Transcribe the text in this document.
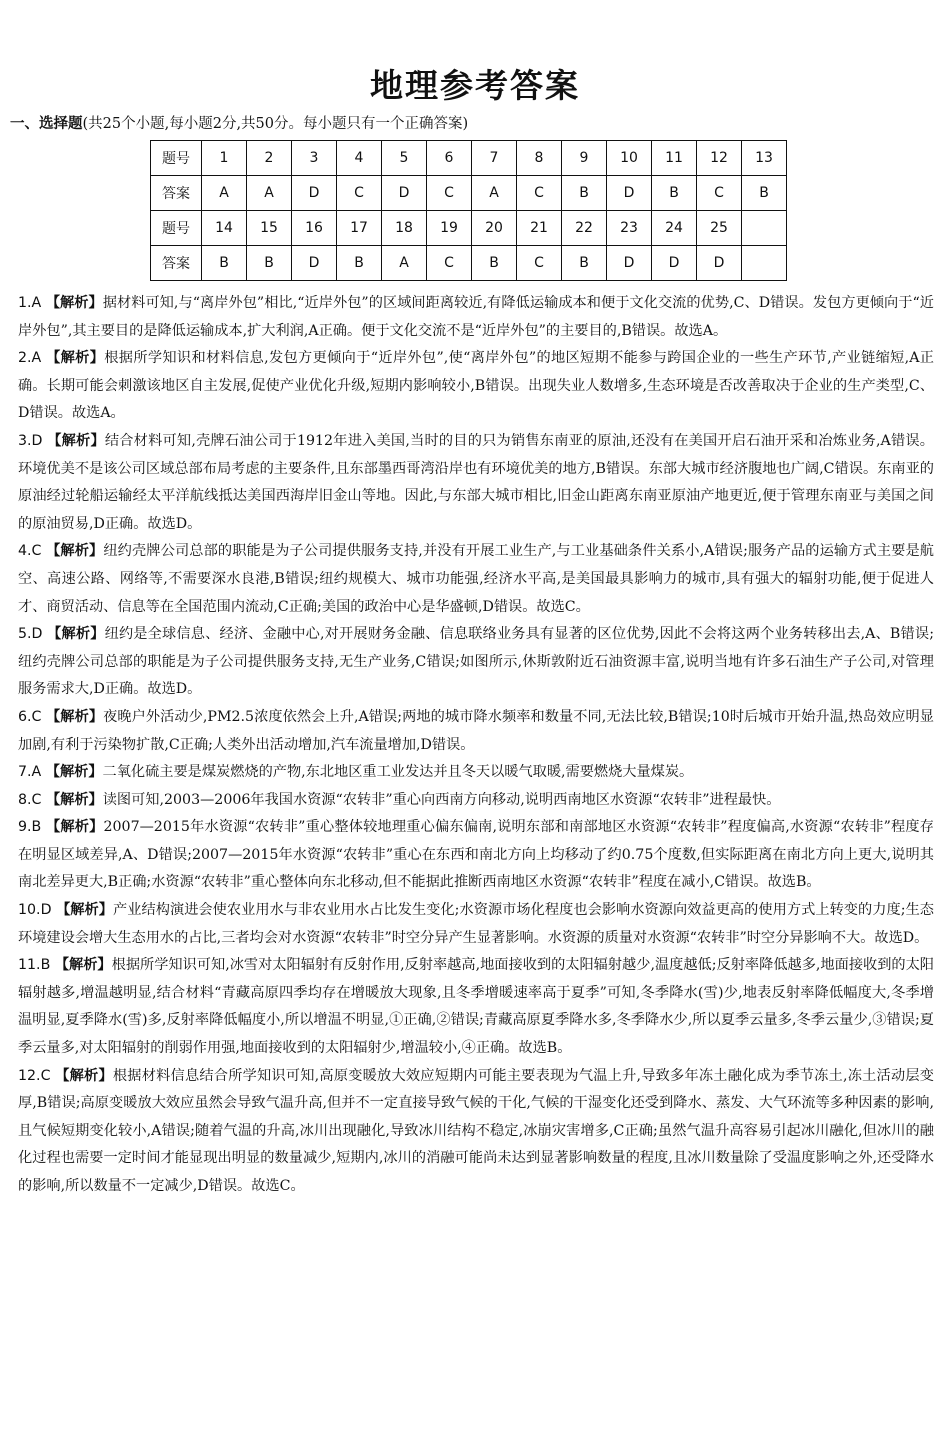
地理参考答案
一、选择题(共25个小题,每小题2分,共50分。每小题只有一个正确答案)
题号	1	2	3	4	5	6	7	8	9	10	11	12	13
答案	A	A	D	C	D	C	A	C	B	D	B	C	B
题号	14	15	16	17	18	19	20	21	22	23	24	25	
答案	B	B	D	B	A	C	B	C	B	D	D	D	
1.A 【解析】据材料可知,与“离岸外包”相比,“近岸外包”的区域间距离较近,有降低运输成本和便于文化交流的优势,C、D错误。发包方更倾向于“近岸外包”,其主要目的是降低运输成本,扩大利润,A正确。便于文化交流不是“近岸外包”的主要目的,B错误。故选A。
2.A 【解析】根据所学知识和材料信息,发包方更倾向于“近岸外包”,使“离岸外包”的地区短期不能参与跨国企业的一些生产环节,产业链缩短,A正确。长期可能会刺激该地区自主发展,促使产业优化升级,短期内影响较小,B错误。出现失业人数增多,生态环境是否改善取决于企业的生产类型,C、D错误。故选A。
3.D 【解析】结合材料可知,壳牌石油公司于1912年进入美国,当时的目的只为销售东南亚的原油,还没有在美国开启石油开采和冶炼业务,A错误。环境优美不是该公司区域总部布局考虑的主要条件,且东部墨西哥湾沿岸也有环境优美的地方,B错误。东部大城市经济腹地也广阔,C错误。东南亚的原油经过轮船运输经太平洋航线抵达美国西海岸旧金山等地。因此,与东部大城市相比,旧金山距离东南亚原油产地更近,便于管理东南亚与美国之间的原油贸易,D正确。故选D。
4.C 【解析】纽约壳牌公司总部的职能是为子公司提供服务支持,并没有开展工业生产,与工业基础条件关系小,A错误;服务产品的运输方式主要是航空、高速公路、网络等,不需要深水良港,B错误;纽约规模大、城市功能强,经济水平高,是美国最具影响力的城市,具有强大的辐射功能,便于促进人才、商贸活动、信息等在全国范围内流动,C正确;美国的政治中心是华盛顿,D错误。故选C。
5.D 【解析】纽约是全球信息、经济、金融中心,对开展财务金融、信息联络业务具有显著的区位优势,因此不会将这两个业务转移出去,A、B错误;纽约壳牌公司总部的职能是为子公司提供服务支持,无生产业务,C错误;如图所示,休斯敦附近石油资源丰富,说明当地有许多石油生产子公司,对管理服务需求大,D正确。故选D。
6.C 【解析】夜晚户外活动少,PM2.5浓度依然会上升,A错误;两地的城市降水频率和数量不同,无法比较,B错误;10时后城市开始升温,热岛效应明显加剧,有利于污染物扩散,C正确;人类外出活动增加,汽车流量增加,D错误。
7.A 【解析】二氧化硫主要是煤炭燃烧的产物,东北地区重工业发达并且冬天以暖气取暖,需要燃烧大量煤炭。
8.C 【解析】读图可知,2003—2006年我国水资源“农转非”重心向西南方向移动,说明西南地区水资源“农转非”进程最快。
9.B 【解析】2007—2015年水资源“农转非”重心整体较地理重心偏东偏南,说明东部和南部地区水资源“农转非”程度偏高,水资源“农转非”程度存在明显区域差异,A、D错误;2007—2015年水资源“农转非”重心在东西和南北方向上均移动了约0.75个度数,但实际距离在南北方向上更大,说明其南北差异更大,B正确;水资源“农转非”重心整体向东北移动,但不能据此推断西南地区水资源“农转非”程度在减小,C错误。故选B。
10.D 【解析】产业结构演进会使农业用水与非农业用水占比发生变化;水资源市场化程度也会影响水资源向效益更高的使用方式上转变的力度;生态环境建设会增大生态用水的占比,三者均会对水资源“农转非”时空分异产生显著影响。水资源的质量对水资源“农转非”时空分异影响不大。故选D。
11.B 【解析】根据所学知识可知,冰雪对太阳辐射有反射作用,反射率越高,地面接收到的太阳辐射越少,温度越低;反射率降低越多,地面接收到的太阳辐射越多,增温越明显,结合材料“青藏高原四季均存在增暖放大现象,且冬季增暖速率高于夏季”可知,冬季降水(雪)少,地表反射率降低幅度大,冬季增温明显,夏季降水(雪)多,反射率降低幅度小,所以增温不明显,①正确,②错误;青藏高原夏季降水多,冬季降水少,所以夏季云量多,冬季云量少,③错误;夏季云量多,对太阳辐射的削弱作用强,地面接收到的太阳辐射少,增温较小,④正确。故选B。
12.C 【解析】根据材料信息结合所学知识可知,高原变暖放大效应短期内可能主要表现为气温上升,导致多年冻土融化成为季节冻土,冻土活动层变厚,B错误;高原变暖放大效应虽然会导致气温升高,但并不一定直接导致气候的干化,气候的干湿变化还受到降水、蒸发、大气环流等多种因素的影响,且气候短期变化较小,A错误;随着气温的升高,冰川出现融化,导致冰川结构不稳定,冰崩灾害增多,C正确;虽然气温升高容易引起冰川融化,但冰川的融化过程也需要一定时间才能显现出明显的数量减少,短期内,冰川的消融可能尚未达到显著影响数量的程度,且冰川数量除了受温度影响之外,还受降水的影响,所以数量不一定减少,D错误。故选C。
